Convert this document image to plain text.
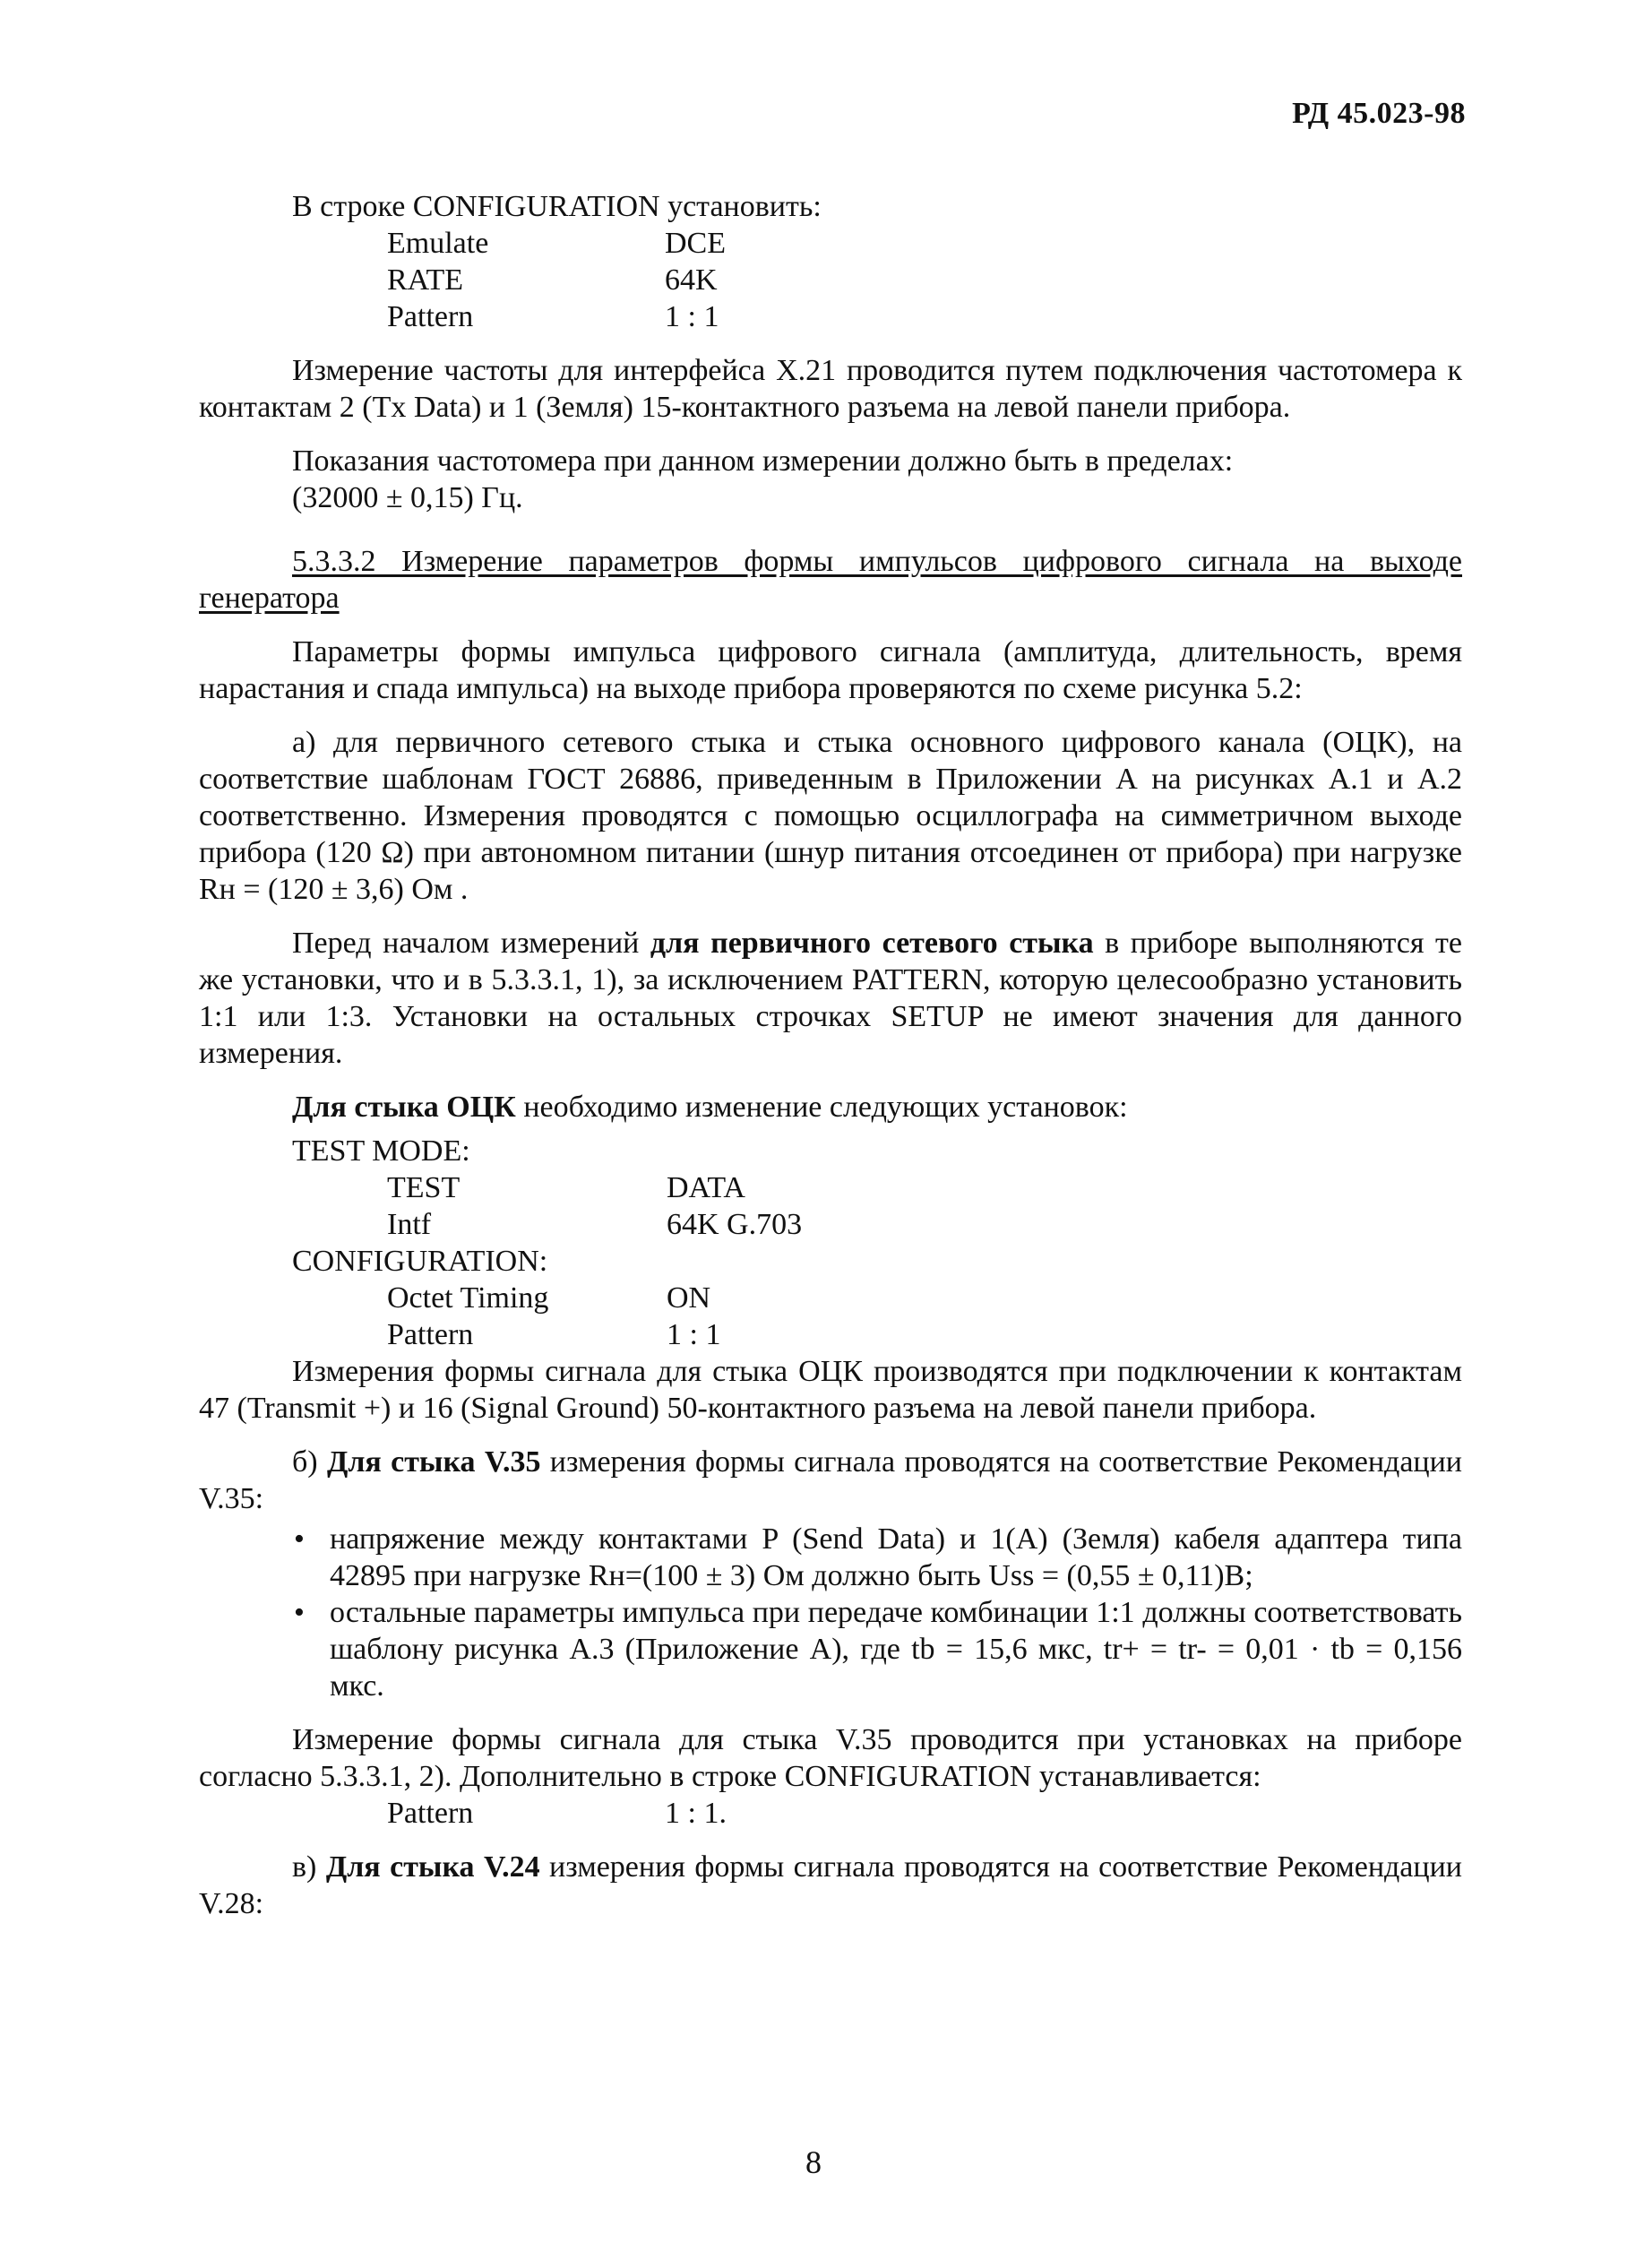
РД 45.023-98

В строке CONFIGURATION установить:

Emulate	DCE
RATE	64K
Pattern	1 : 1

Измерение частоты для интерфейса X.21 проводится путем подключения частотомера к контактам 2 (Tx Data) и 1 (Земля) 15-контактного разъема на левой панели прибора.

Показания частотомера при данном измерении должно быть в пределах:

(32000 ± 0,15) Гц.

5.3.3.2 Измерение параметров формы импульсов цифрового сигнала на выходе генератора

Параметры формы импульса цифрового сигнала (амплитуда, длительность, время нарастания и спада импульса) на выходе прибора проверяются по схеме рисунка 5.2:

а) для первичного сетевого стыка и стыка основного цифрового канала (ОЦК), на соответствие шаблонам ГОСТ 26886, приведенным в Приложении А на рисунках А.1 и А.2 соответственно. Измерения проводятся с помощью осциллографа на симметричном выходе прибора (120 Ω) при автономном питании (шнур питания отсоединен от прибора) при нагрузке Rн = (120 ± 3,6) Ом .

Перед началом измерений для первичного сетевого стыка в приборе выполняются те же установки, что и в 5.3.3.1, 1), за исключением PATTERN, которую целесообразно установить 1:1 или 1:3. Установки на остальных строчках SETUP не имеют значения для данного измерения.

Для стыка ОЦК необходимо изменение следующих установок:

TEST MODE:

TEST	DATA
Intf	64K G.703

CONFIGURATION:

Octet Timing	ON
Pattern	1 : 1

Измерения формы сигнала для стыка ОЦК производятся при подключении к контактам 47 (Transmit +) и 16 (Signal Ground) 50-контактного разъема на левой панели прибора.

б) Для стыка V.35 измерения формы сигнала проводятся на соответствие Рекомендации V.35:

• напряжение между контактами P (Send Data) и 1(A) (Земля) кабеля адаптера типа 42895 при нагрузке Rн=(100 ± 3) Ом должно быть Uss = (0,55 ± 0,11)В;
• остальные параметры импульса при передаче комбинации 1:1 должны соответствовать шаблону рисунка А.3 (Приложение А), где tb = 15,6 мкс, tr+ = tr- = 0,01 · tb = 0,156 мкс.

Измерение формы сигнала для стыка V.35 проводится при установках на приборе согласно 5.3.3.1, 2). Дополнительно в строке CONFIGURATION устанавливается:

Pattern	1 : 1.

в) Для стыка V.24 измерения формы сигнала проводятся на соответствие Рекомендации V.28:

8
